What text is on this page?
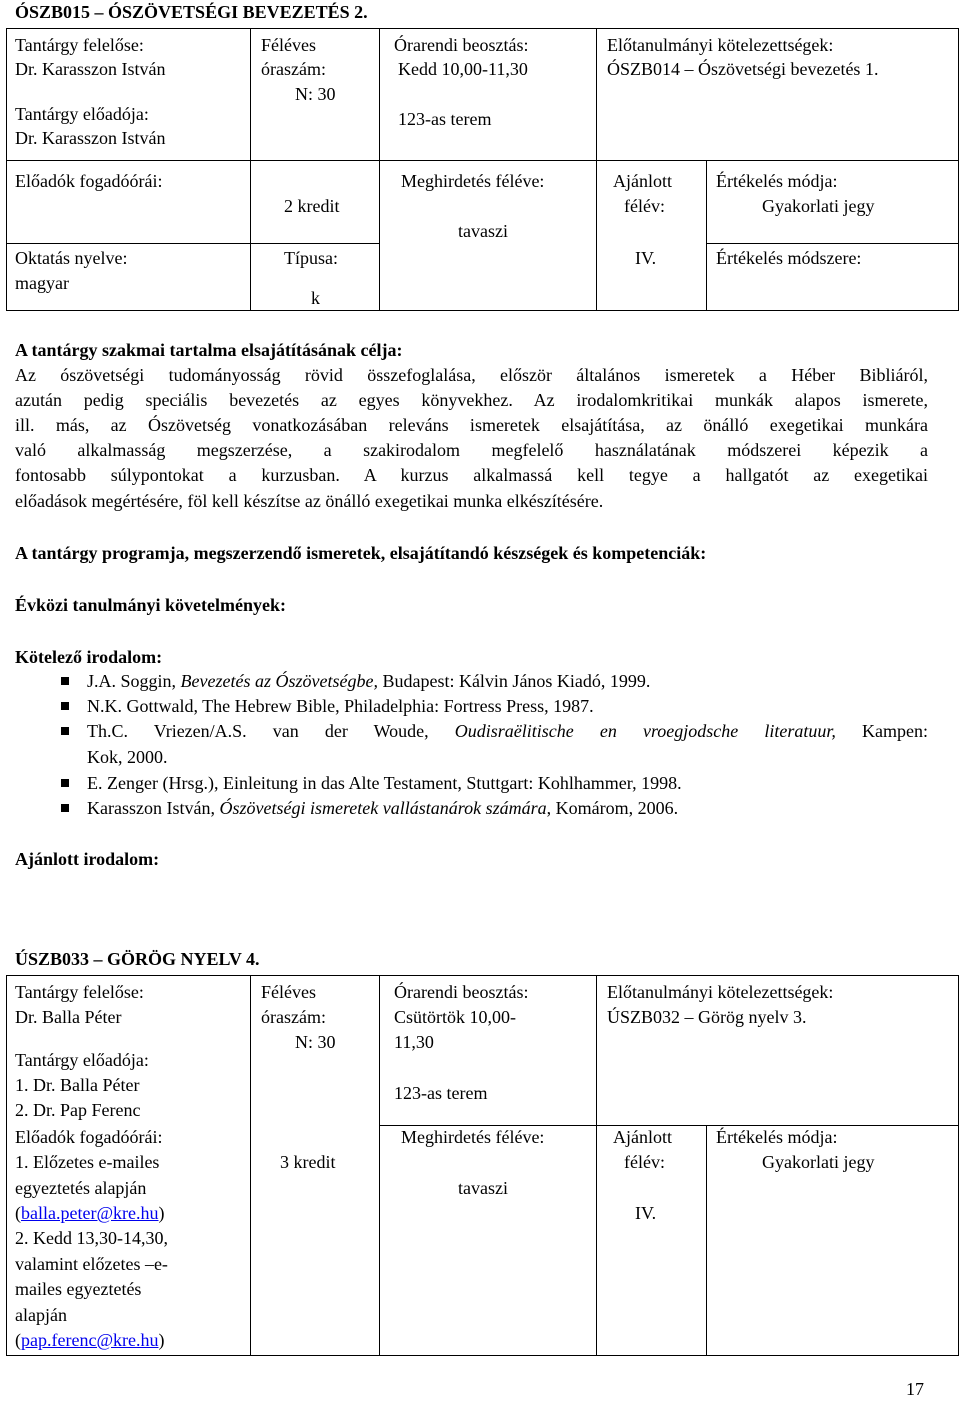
ÓSZB015 – ÓSZÖVETSÉGI BEVEZETÉS 2.
Tantárgy felelőse:
Dr. Karasszon István
Tantárgy előadója:
Dr. Karasszon István
Féléves
óraszám:
N: 30
Órarendi beosztás:
Kedd 10,00-11,30
123-as terem
Előtanulmányi kötelezettségek:
ÓSZB014 – Ószövetségi bevezetés 1.
Előadók fogadóórái:
Oktatás nyelve:
magyar
2 kredit
Típusa:
k
Meghirdetés féléve:
tavaszi
Ajánlott
félév:
IV.
Értékelés módja:
Gyakorlati jegy
Értékelés módszere:
A tantárgy szakmai tartalma elsajátításának célja:
Az ószövetségi tudományosság rövid összefoglalása, először általános ismeretek a Héber Bibliáról,
azután pedig speciális bevezetés az egyes könyvekhez. Az irodalomkritikai munkák alapos ismerete,
ill. más, az Ószövetség vonatkozásában releváns ismeretek elsajátítása, az önálló exegetikai munkára
való alkalmasság megszerzése, a szakirodalom megfelelő használatának módszerei képezik a
fontosabb súlypontokat a kurzusban. A kurzus alkalmassá kell tegye a hallgatót az exegetikai
előadások megértésére, föl kell készítse az önálló exegetikai munka elkészítésére.
A tantárgy programja, megszerzendő ismeretek, elsajátítandó készségek és kompetenciák:
Évközi tanulmányi követelmények:
Kötelező irodalom:
J.A. Soggin, Bevezetés az Ószövetségbe, Budapest: Kálvin János Kiadó, 1999.
N.K. Gottwald, The Hebrew Bible, Philadelphia: Fortress Press, 1987.
Th.C. Vriezen/A.S. van der Woude, Oudisraëlitische en vroegjodsche literatuur, Kampen:
Kok, 2000.
E. Zenger (Hrsg.), Einleitung in das Alte Testament, Stuttgart: Kohlhammer, 1998.
Karasszon István, Ószövetségi ismeretek vallástanárok számára, Komárom, 2006.
Ajánlott irodalom:
ÚSZB033 – GÖRÖG NYELV 4.
Tantárgy felelőse:
Dr. Balla Péter
Tantárgy előadója:
1. Dr. Balla Péter
2. Dr. Pap Ferenc
Előadók fogadóórái:
1. Előzetes e-mailes
egyeztetés alapján
(balla.peter@kre.hu)
2. Kedd 13,30-14,30,
valamint előzetes –e-
mailes egyeztetés
alapján
(pap.ferenc@kre.hu)
Féléves
óraszám:
N: 30
3 kredit
Órarendi beosztás:
Csütörtök 10,00-
11,30
123-as terem
Meghirdetés féléve:
tavaszi
Előtanulmányi kötelezettségek:
ÚSZB032 – Görög nyelv 3.
Ajánlott
félév:
IV.
Értékelés módja:
Gyakorlati jegy
17
